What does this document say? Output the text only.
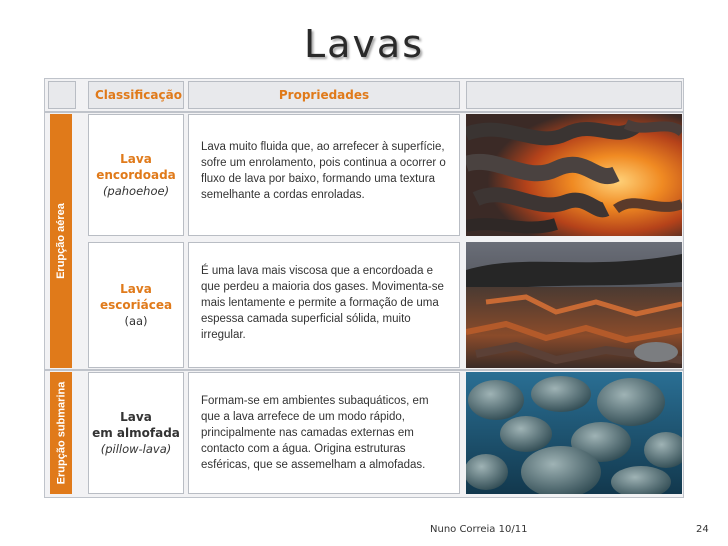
Lavas
Classificação	Propriedades
Erupção aérea
Erupção submarina
Lava
encordoada
(pahoehoe)
Lava muito fluida que, ao arrefecer à superfície, sofre um enrolamento, pois continua a ocorrer o fluxo de lava por baixo, formando uma textura semelhante a cordas enroladas.
Lava
escoriácea
(aa)
É uma lava mais viscosa que a encordoada e que perdeu a maioria dos gases. Movimenta-se mais lentamente e permite a formação de uma espessa camada superficial sólida, muito irregular.
Lava
em almofada
(pillow-lava)
Formam-se em ambientes subaquáticos, em que a lava arrefece de um modo rápido, principalmente nas camadas externas em contacto com a água. Origina estruturas esféricas, que se assemelham a almofadas.
Nuno Correia 10/11	24
